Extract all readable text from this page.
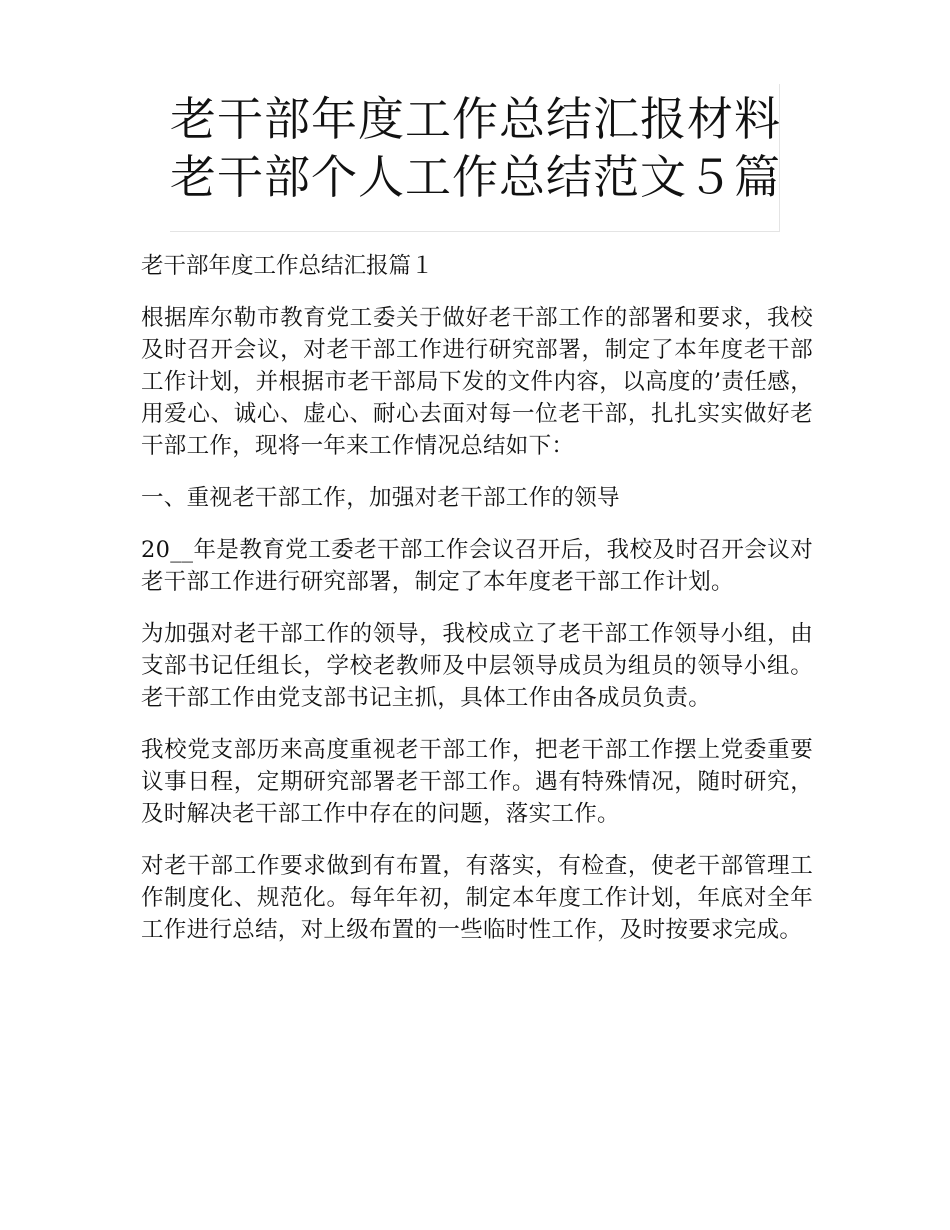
老干部年度工作总结汇报材料
老干部个人工作总结范文５篇

老干部年度工作总结汇报篇１

根据库尔勒市教育党工委关于做好老干部工作的部署和要求，我校及时召开会议，对老干部工作进行研究部署，制定了本年度老干部工作计划，并根据市老干部局下发的文件内容，以高度的’责任感，用爱心、诚心、虚心、耐心去面对每一位老干部，扎扎实实做好老干部工作，现将一年来工作情况总结如下：

一、重视老干部工作，加强对老干部工作的领导

20__年是教育党工委老干部工作会议召开后，我校及时召开会议对老干部工作进行研究部署，制定了本年度老干部工作计划。

为加强对老干部工作的领导，我校成立了老干部工作领导小组，由支部书记任组长，学校老教师及中层领导成员为组员的领导小组。老干部工作由党支部书记主抓，具体工作由各成员负责。

我校党支部历来高度重视老干部工作，把老干部工作摆上党委重要议事日程，定期研究部署老干部工作。遇有特殊情况，随时研究，及时解决老干部工作中存在的问题，落实工作。

对老干部工作要求做到有布置，有落实，有检查，使老干部管理工作制度化、规范化。每年年初，制定本年度工作计划，年底对全年工作进行总结，对上级布置的一些临时性工作，及时按要求完成。
